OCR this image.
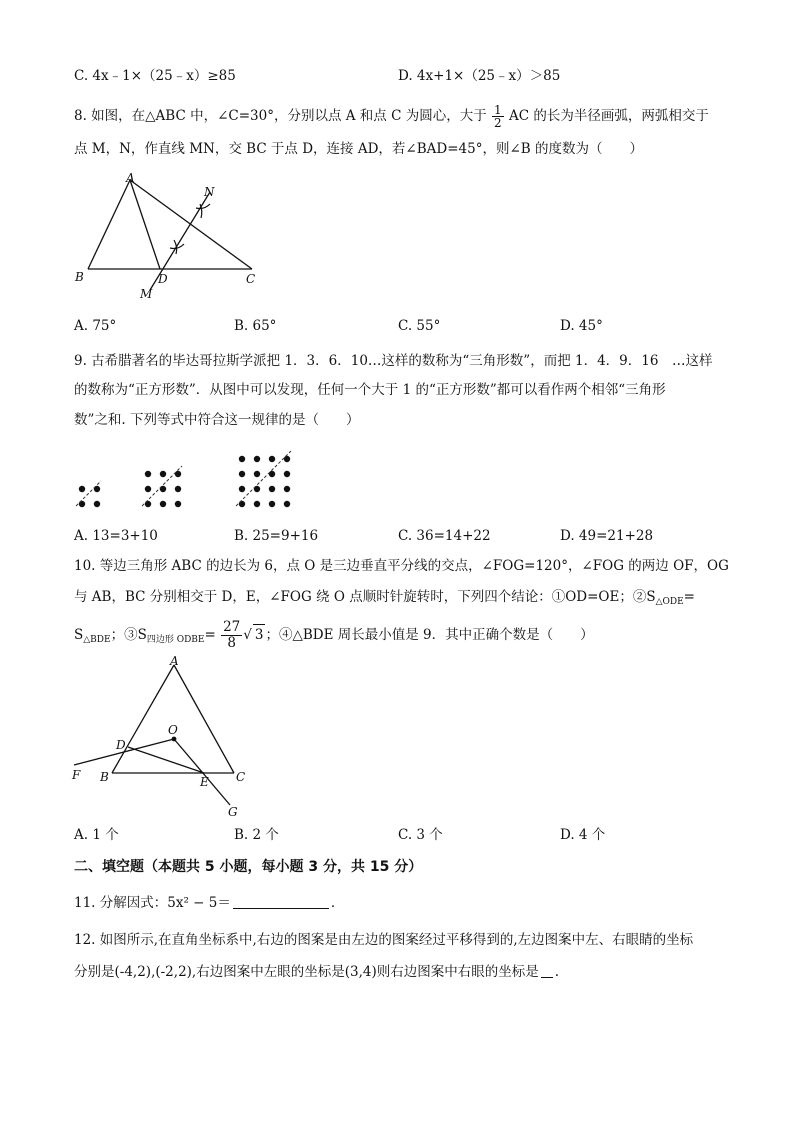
C. 4x﹣1×（25﹣x）≥85	D. 4x+1×（25﹣x）＞85
8. 如图，在△ABC 中，∠C=30°，分别以点 A 和点 C 为圆心，大于 $\frac{1}{2}$ AC 的长为半径画弧，两弧相交于
点 M，N，作直线 MN，交 BC 于点 D，连接 AD，若∠BAD=45°，则∠B 的度数为（　　）
A
B	C
D
M
N
A. 75°	B. 65°	C. 55°	D. 45°
9. 古希腊著名的毕达哥拉斯学派把 1．3．6．10…这样的数称为“三角形数”，而把 1．4．9．16　…这样
的数称为“正方形数”．从图中可以发现，任何一个大于 1 的“正方形数”都可以看作两个相邻“三角形
数”之和. 下列等式中符合这一规律的是（　　）
A. 13=3+10	B. 25=9+16	C. 36=14+22	D. 49=21+28
10. 等边三角形 ABC 的边长为 6，点 O 是三边垂直平分线的交点，∠FOG=120°，∠FOG 的两边 OF，OG
与 AB，BC 分别相交于 D，E，∠FOG 绕 O 点顺时针旋转时，下列四个结论：①OD=OE；$②S_{\triangle ODE}=$
$S_{\triangle BDE}$；$③S_{四边形 ODBE}= \frac{27}{8}$ √ 3 ；④△BDE 周长最小值是 9．其中正确个数是（　　）
A
B	C
D
E
F
G
O
A. 1 个	B. 2 个	C. 3 个	D. 4 个
二、填空题（本题共 5 小题，每小题 3 分，共 15 分）
11. 分解因式：5x² − 5＝	．
12. 如图所示,在直角坐标系中,右边的图案是由左边的图案经过平移得到的,左边图案中左、右眼睛的坐标
分别是(-4,2),(-2,2),右边图案中左眼的坐标是(3,4)则右边图案中右眼的坐标是 .
